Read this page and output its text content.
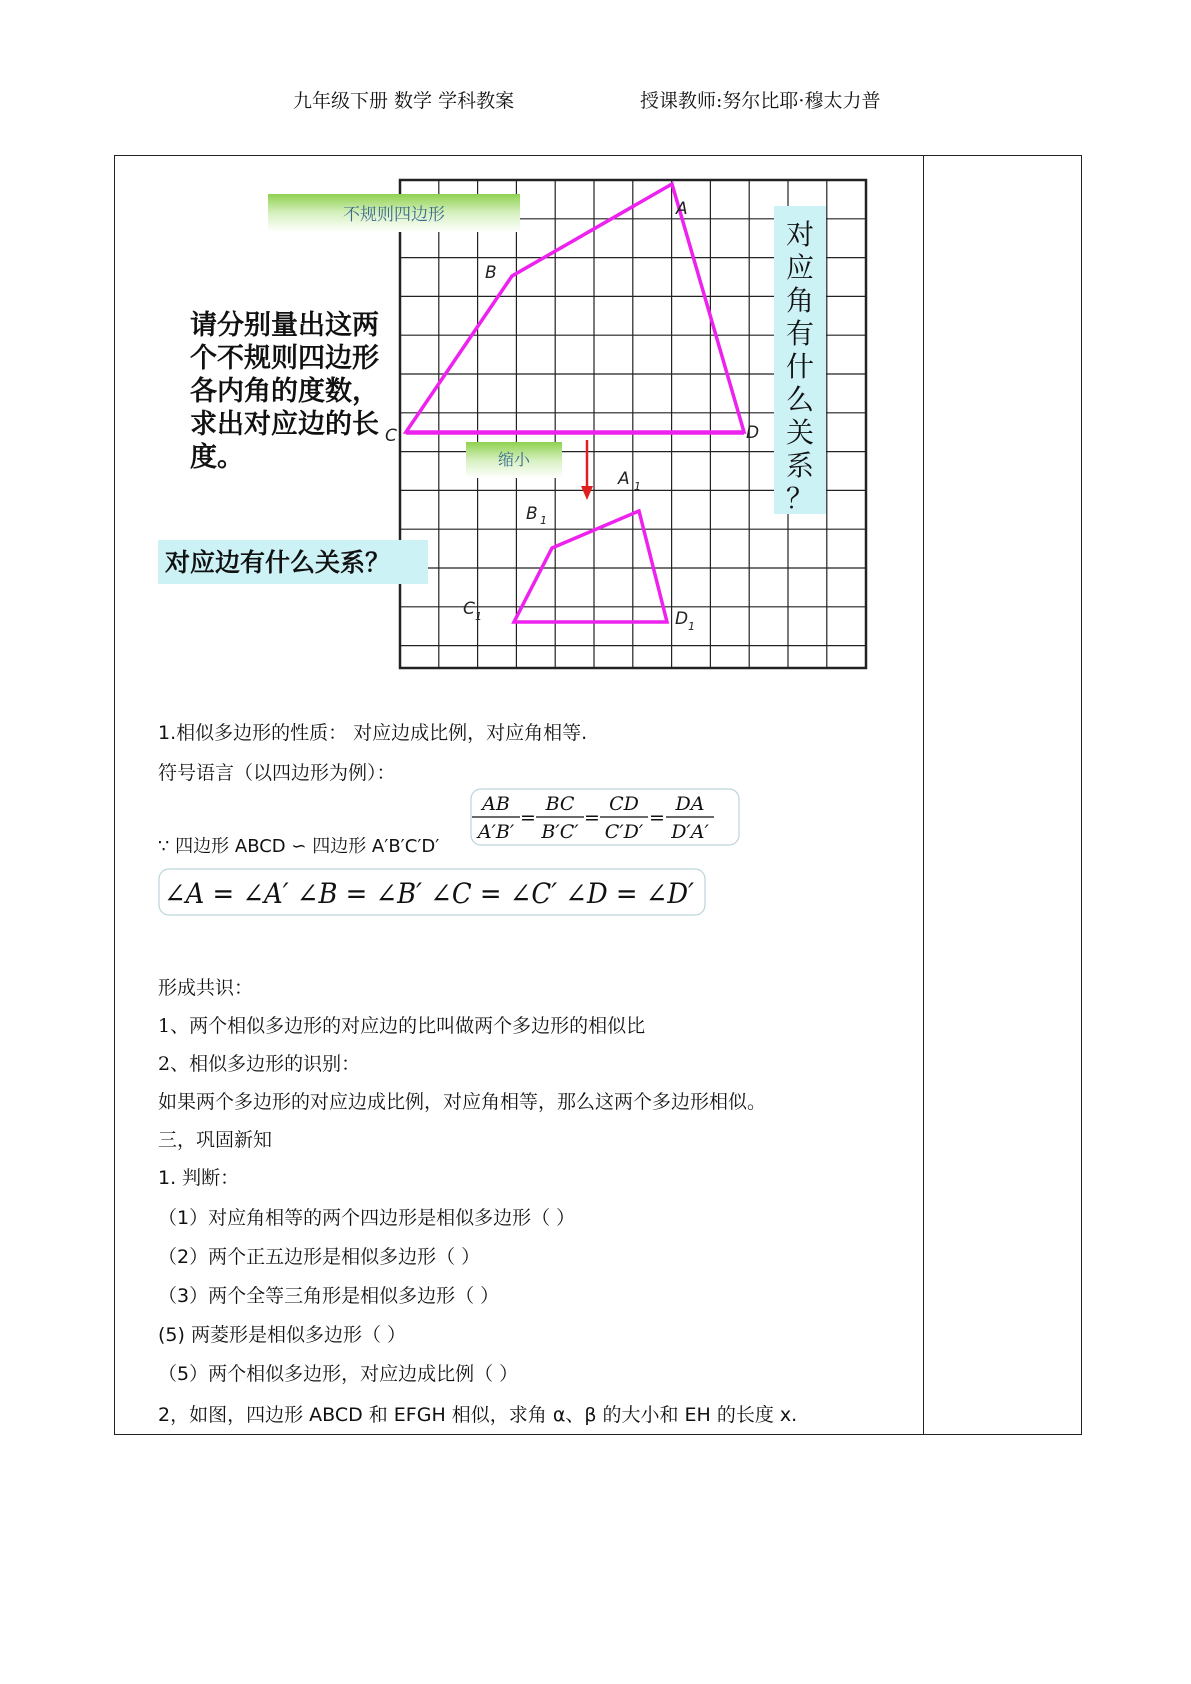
九年级下册 数学 学科教案	授课教师:努尔比耶·穆太力普
不规则四边形
缩小
请分别量出这两
个不规则四边形
各内角的度数，
求出对应边的长
度。
对应边有什么关系？
对
应
角
有
什
么
关
系
？
A
B
C	D
A 1
B 1
C 1	D 1
1.相似多边形的性质： 对应边成比例，对应角相等.
符号语言（以四边形为例）：
∵ 四边形 ABCD ∽ 四边形 A′B′C′D′
AB
A′B′
=
BC
B′C′
=
CD
C′D′
=
DA
D′A′
∠A = ∠A′ ∠B = ∠B′ ∠C = ∠C′ ∠D = ∠D′
形成共识：
1、两个相似多边形的对应边的比叫做两个多边形的相似比
2、相似多边形的识别：
如果两个多边形的对应边成比例，对应角相等，那么这两个多边形相似。
三，巩固新知
1. 判断：
（1）对应角相等的两个四边形是相似多边形（ ）
（2）两个正五边形是相似多边形（ ）
（3）两个全等三角形是相似多边形（ ）
(5) 两菱形是相似多边形（ ）
（5）两个相似多边形，对应边成比例（ ）
2，如图，四边形 ABCD 和 EFGH 相似，求角 α、β 的大小和 EH 的长度 x.
